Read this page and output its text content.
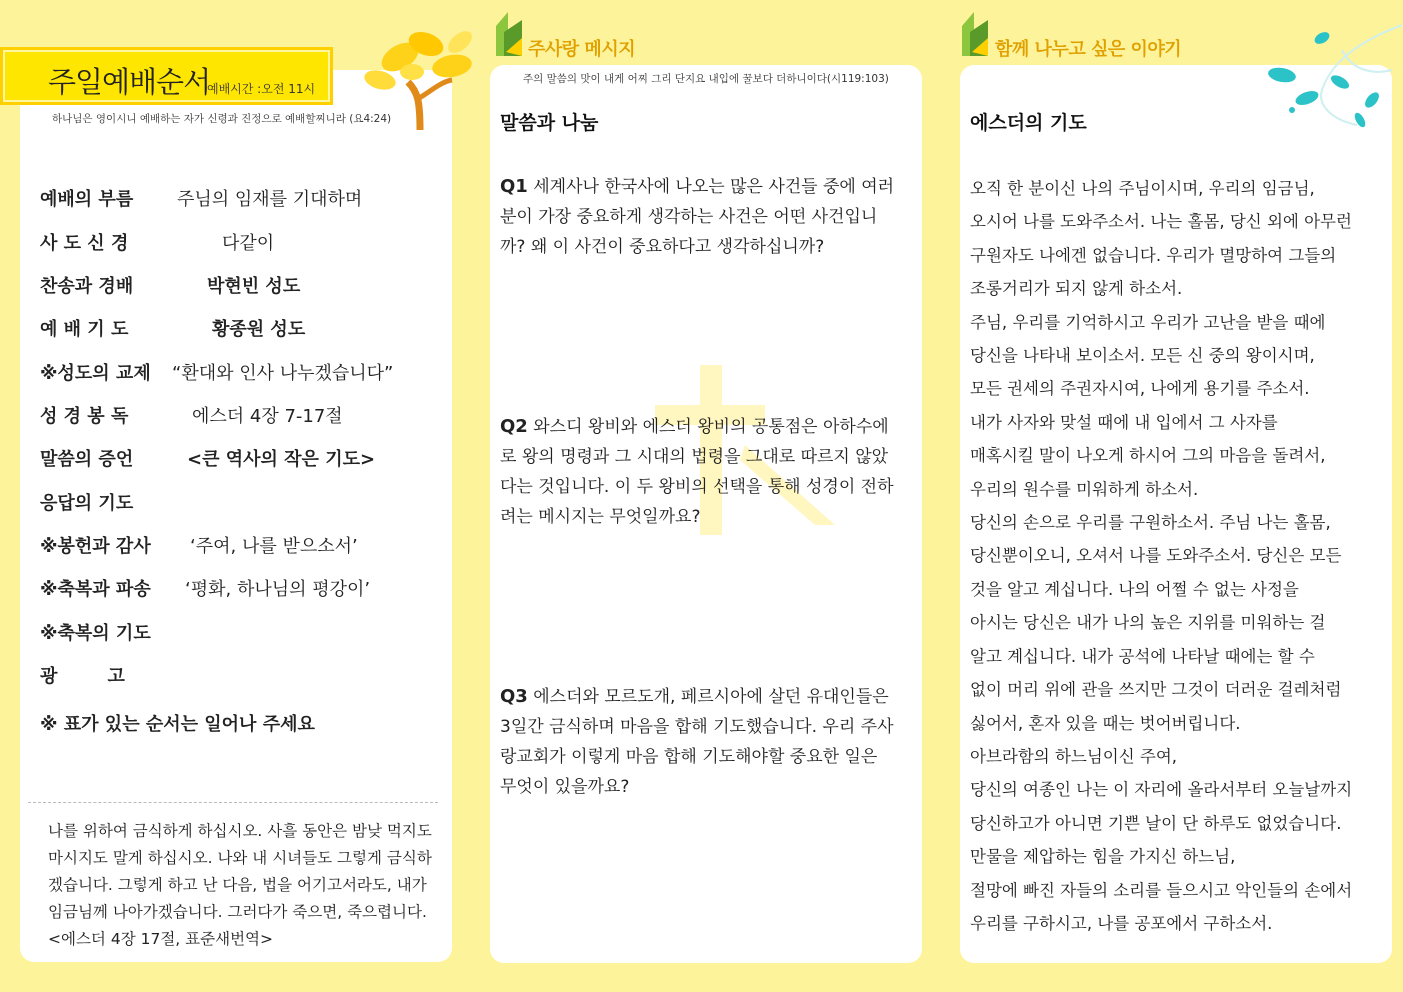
주일예배순서
예배시간 :오전 11시
하나님은 영이시니 예배하는 자가 신령과 진정으로 예배할찌니라 (요4:24)
예배의 부름 주님의 임재를 기대하며
사 도 신 경	다같이
찬송과 경배	박현빈 성도
예 배 기 도	황종원 성도
※성도의 교제 “환대와 인사 나누겠습니다”
성 경 봉 독	에스더 4장 7-17절
말씀의 증언	<큰 역사의 작은 기도>
응답의 기도
※봉헌과 감사 ‘주여, 나를 받으소서’
※축복과 파송 ‘평화, 하나님의 평강이’
※축복의 기도
광        고
※ 표가 있는 순서는 일어나 주세요
나를 위하여 금식하게 하십시오. 사흘 동안은 밤낮 먹지도 마시지도 말게 하십시오. 나와 내 시녀들도 그렇게 금식하겠습니다. 그렇게 하고 난 다음, 법을 어기고서라도, 내가 임금님께 나아가겠습니다. 그러다가 죽으면, 죽으렵니다. <에스더 4장 17절, 표준새번역>
주사랑 메시지
주의 말씀의 맛이 내게 어찌 그리 단지요 내입에 꿀보다 더하니이다(시119:103)
말씀과 나눔
Q1 세계사나 한국사에 나오는 많은 사건들 중에 여러분이 가장 중요하게 생각하는 사건은 어떤 사건입니까? 왜 이 사건이 중요하다고 생각하십니까?
Q2 와스디 왕비와 에스더 왕비의 공통점은 아하수에로 왕의 명령과 그 시대의 법령을 그대로 따르지 않았다는 것입니다. 이 두 왕비의 선택을 통해 성경이 전하려는 메시지는 무엇일까요?
Q3 에스더와 모르도개, 페르시아에 살던 유대인들은 3일간 금식하며 마음을 합해 기도했습니다. 우리 주사랑교회가 이렇게 마음 합해 기도해야할 중요한 일은 무엇이 있을까요?
함께 나누고 싶은 이야기
에스더의 기도
오직 한 분이신 나의 주님이시며, 우리의 임금님,
오시어 나를 도와주소서. 나는 홀몸, 당신 외에 아무런
구원자도 나에겐 없습니다. 우리가 멸망하여 그들의
조롱거리가 되지 않게 하소서.
주님, 우리를 기억하시고 우리가 고난을 받을 때에
당신을 나타내 보이소서. 모든 신 중의 왕이시며,
모든 권세의 주권자시여, 나에게 용기를 주소서.
내가 사자와 맞설 때에 내 입에서 그 사자를
매혹시킬 말이 나오게 하시어 그의 마음을 돌려서,
우리의 원수를 미워하게 하소서.
당신의 손으로 우리를 구원하소서. 주님 나는 홀몸,
당신뿐이오니, 오셔서 나를 도와주소서. 당신은 모든
것을 알고 계십니다. 나의 어쩔 수 없는 사정을
아시는 당신은 내가 나의 높은 지위를 미워하는 걸
알고 계십니다. 내가 공석에 나타날 때에는 할 수
없이 머리 위에 관을 쓰지만 그것이 더러운 걸레처럼
싫어서, 혼자 있을 때는 벗어버립니다.
아브라함의 하느님이신 주여,
당신의 여종인 나는 이 자리에 올라서부터 오늘날까지
당신하고가 아니면 기쁜 날이 단 하루도 없었습니다.
만물을 제압하는 힘을 가지신 하느님,
절망에 빠진 자들의 소리를 들으시고 악인들의 손에서
우리를 구하시고, 나를 공포에서 구하소서.
